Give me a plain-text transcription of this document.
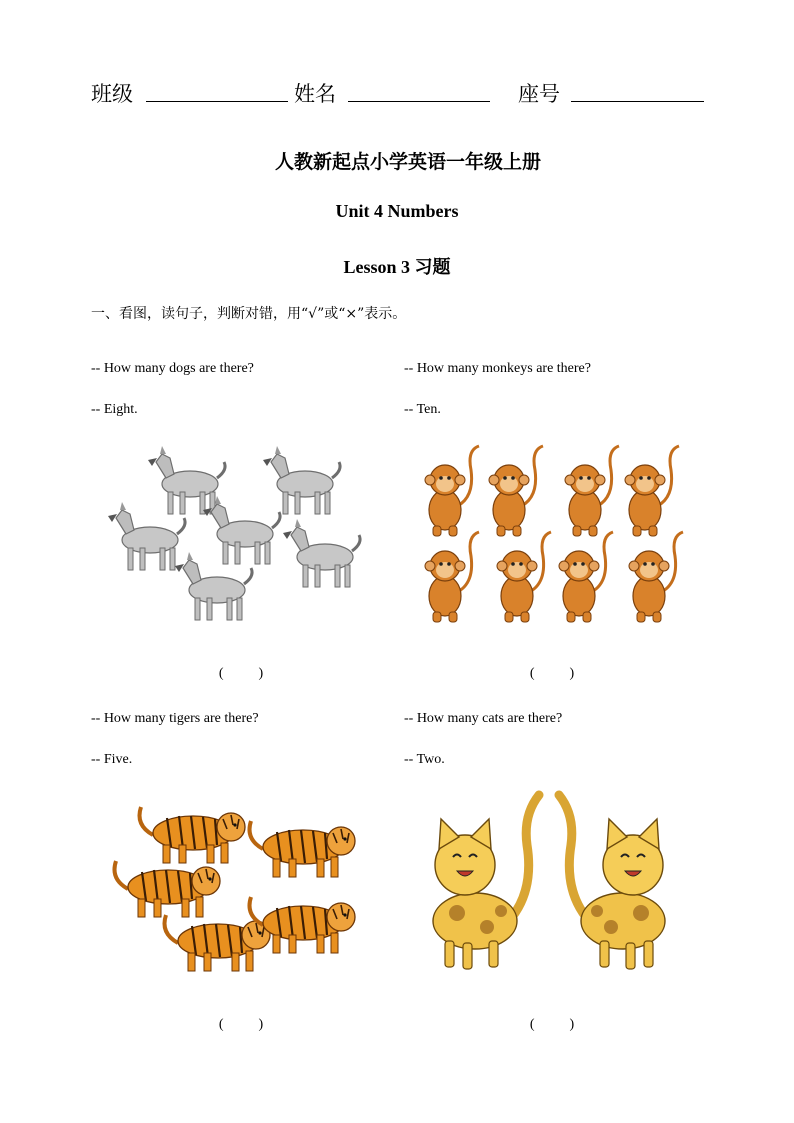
班级	姓名	座号
人教新起点小学英语一年级上册
Unit 4 Numbers
Lesson 3 习题
一、看图，读句子，判断对错，用“√”或“×”表示。
-- How many dogs are there?
-- Eight.
(          )
-- How many monkeys are there?
-- Ten.
(          )
-- How many tigers are there?
-- Five.
(          )
-- How many cats are there?
-- Two.
(          )
